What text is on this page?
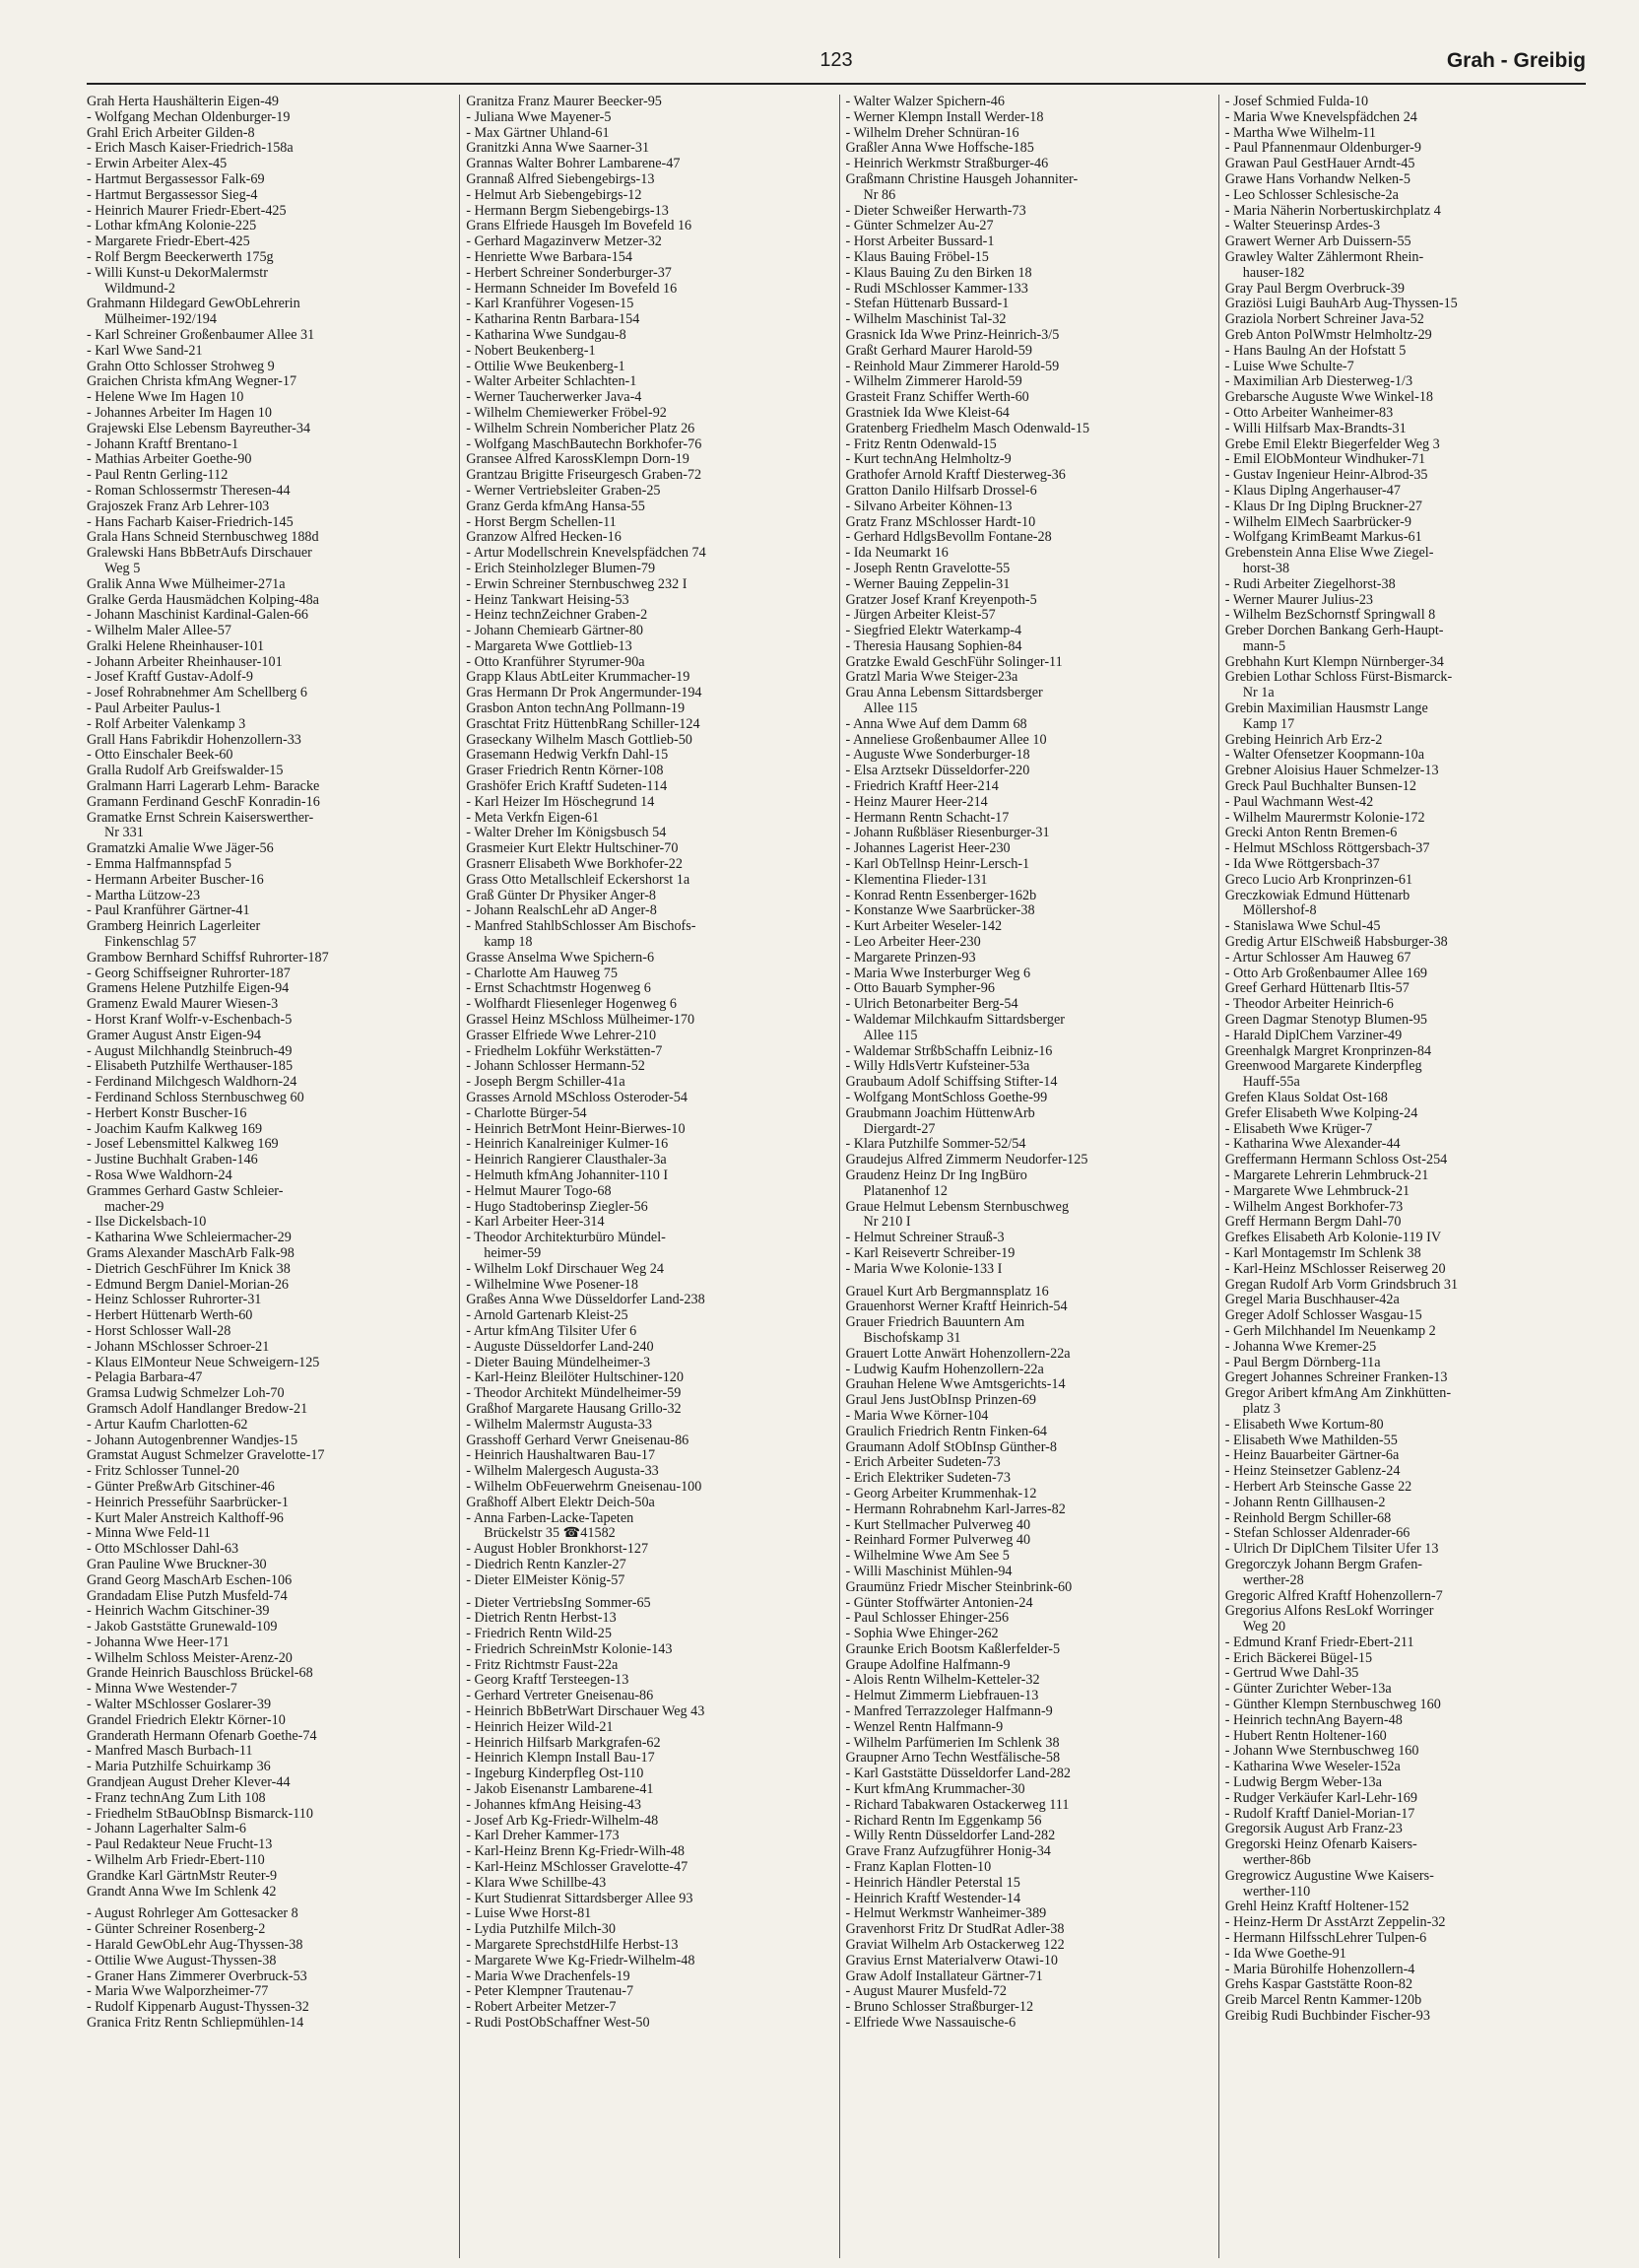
123	Grah - Greibig
Grah Herta Haushälterin Eigen-49
- Wolfgang Mechan Oldenburger-19
Grahl Erich Arbeiter Gilden-8
- Erich Masch Kaiser-Friedrich-158a
- Erwin Arbeiter Alex-45
- Hartmut Bergassessor Falk-69
- Hartmut Bergassessor Sieg-4
- Heinrich Maurer Friedr-Ebert-425
- Lothar kfmAng Kolonie-225
- Margarete Friedr-Ebert-425
- Rolf Bergm Beeckerwerth 175g
- Willi Kunst-u DekorMalermstr
Wildmund-2
Grahmann Hildegard GewObLehrerin
Mülheimer-192/194
- Karl Schreiner Großenbaumer Allee 31
- Karl Wwe Sand-21
Grahn Otto Schlosser Strohweg 9
Graichen Christa kfmAng Wegner-17
- Helene Wwe Im Hagen 10
- Johannes Arbeiter Im Hagen 10
Grajewski Else Lebensm Bayreuther-34
- Johann Kraftf Brentano-1
- Mathias Arbeiter Goethe-90
- Paul Rentn Gerling-112
- Roman Schlossermstr Theresen-44
Grajoszek Franz Arb Lehrer-103
- Hans Facharb Kaiser-Friedrich-145
Grala Hans Schneid Sternbuschweg 188d
Gralewski Hans BbBetrAufs Dirschauer
Weg 5
Gralik Anna Wwe Mülheimer-271a
Gralke Gerda Hausmädchen Kolping-48a
- Johann Maschinist Kardinal-Galen-66
- Wilhelm Maler Allee-57
Gralki Helene Rheinhauser-101
- Johann Arbeiter Rheinhauser-101
- Josef Kraftf Gustav-Adolf-9
- Josef Rohrabnehmer Am Schellberg 6
- Paul Arbeiter Paulus-1
- Rolf Arbeiter Valenkamp 3
Grall Hans Fabrikdir Hohenzollern-33
- Otto Einschaler Beek-60
Gralla Rudolf Arb Greifswalder-15
Gralmann Harri Lagerarb Lehm- Baracke
Gramann Ferdinand GeschF Konradin-16
Gramatke Ernst Schrein Kaiserswerther-
Nr 331
Gramatzki Amalie Wwe Jäger-56
- Emma Halfmannspfad 5
- Hermann Arbeiter Buscher-16
- Martha Lützow-23
- Paul Kranführer Gärtner-41
Gramberg Heinrich Lagerleiter
Finkenschlag 57
Grambow Bernhard Schiffsf Ruhrorter-187
- Georg Schiffseigner Ruhrorter-187
Gramens Helene Putzhilfe Eigen-94
Gramenz Ewald Maurer Wiesen-3
- Horst Kranf Wolfr-v-Eschenbach-5
Gramer August Anstr Eigen-94
- August Milchhandlg Steinbruch-49
- Elisabeth Putzhilfe Werthauser-185
- Ferdinand Milchgesch Waldhorn-24
- Ferdinand Schloss Sternbuschweg 60
- Herbert Konstr Buscher-16
- Joachim Kaufm Kalkweg 169
- Josef Lebensmittel Kalkweg 169
- Justine Buchhalt Graben-146
- Rosa Wwe Waldhorn-24
Grammes Gerhard Gastw Schleier-
macher-29
- Ilse Dickelsbach-10
- Katharina Wwe Schleiermacher-29
Grams Alexander MaschArb Falk-98
- Dietrich GeschFührer Im Knick 38
- Edmund Bergm Daniel-Morian-26
- Heinz Schlosser Ruhrorter-31
- Herbert Hüttenarb Werth-60
- Horst Schlosser Wall-28
- Johann MSchlosser Schroer-21
- Klaus ElMonteur Neue Schweigern-125
- Pelagia Barbara-47
Gramsa Ludwig Schmelzer Loh-70
Gramsch Adolf Handlanger Bredow-21
- Artur Kaufm Charlotten-62
- Johann Autogenbrenner Wandjes-15
Gramstat August Schmelzer Gravelotte-17
- Fritz Schlosser Tunnel-20
- Günter PreßwArb Gitschiner-46
- Heinrich Presseführ Saarbrücker-1
- Kurt Maler Anstreich Kalthoff-96
- Minna Wwe Feld-11
- Otto MSchlosser Dahl-63
Gran Pauline Wwe Bruckner-30
Grand Georg MaschArb Eschen-106
Grandadam Elise Putzh Musfeld-74
- Heinrich Wachm Gitschiner-39
- Jakob Gaststätte Grunewald-109
- Johanna Wwe Heer-171
- Wilhelm Schloss Meister-Arenz-20
Grande Heinrich Bauschloss Brückel-68
- Minna Wwe Westender-7
- Walter MSchlosser Goslarer-39
Grandel Friedrich Elektr Körner-10
Granderath Hermann Ofenarb Goethe-74
- Manfred Masch Burbach-11
- Maria Putzhilfe Schuirkamp 36
Grandjean August Dreher Klever-44
- Franz technAng Zum Lith 108
- Friedhelm StBauObInsp Bismarck-110
- Johann Lagerhalter Salm-6
- Paul Redakteur Neue Frucht-13
- Wilhelm Arb Friedr-Ebert-110
Grandke Karl GärtnMstr Reuter-9
Grandt Anna Wwe Im Schlenk 42
- August Rohrleger Am Gottesacker 8
- Günter Schreiner Rosenberg-2
- Harald GewObLehr Aug-Thyssen-38
- Ottilie Wwe August-Thyssen-38
- Graner Hans Zimmerer Overbruck-53
- Maria Wwe Walporzheimer-77
- Rudolf Kippenarb August-Thyssen-32
Granica Fritz Rentn Schliepmühlen-14
Granitza Franz Maurer Beecker-95
- Juliana Wwe Mayener-5
- Max Gärtner Uhland-61
Granitzki Anna Wwe Saarner-31
Grannas Walter Bohrer Lambarene-47
Grannaß Alfred Siebengebirgs-13
- Helmut Arb Siebengebirgs-12
- Hermann Bergm Siebengebirgs-13
Grans Elfriede Hausgeh Im Bovefeld 16
- Gerhard Magazinverw Metzer-32
- Henriette Wwe Barbara-154
- Herbert Schreiner Sonderburger-37
- Hermann Schneider Im Bovefeld 16
- Karl Kranführer Vogesen-15
- Katharina Rentn Barbara-154
- Katharina Wwe Sundgau-8
- Nobert Beukenberg-1
- Ottilie Wwe Beukenberg-1
- Walter Arbeiter Schlachten-1
- Werner Taucherwerker Java-4
- Wilhelm Chemiewerker Fröbel-92
- Wilhelm Schrein Nombericher Platz 26
- Wolfgang MaschBautechn Borkhofer-76
Gransee Alfred KarossKlempn Dorn-19
Grantzau Brigitte Friseurgesch Graben-72
- Werner Vertriebsleiter Graben-25
Granz Gerda kfmAng Hansa-55
- Horst Bergm Schellen-11
Granzow Alfred Hecken-16
- Artur Modellschrein Knevelspfädchen 74
- Erich Steinholzleger Blumen-79
- Erwin Schreiner Sternbuschweg 232 I
- Heinz Tankwart Heising-53
- Heinz technZeichner Graben-2
- Johann Chemiearb Gärtner-80
- Margareta Wwe Gottlieb-13
- Otto Kranführer Styrumer-90a
Grapp Klaus AbtLeiter Krummacher-19
Gras Hermann Dr Prok Angermunder-194
Grasbon Anton technAng Pollmann-19
Graschtat Fritz HüttenbRang Schiller-124
Graseckany Wilhelm Masch Gottlieb-50
Grasemann Hedwig Verkfn Dahl-15
Graser Friedrich Rentn Körner-108
Grashöfer Erich Kraftf Sudeten-114
- Karl Heizer Im Höschegrund 14
- Meta Verkfn Eigen-61
- Walter Dreher Im Königsbusch 54
Grasmeier Kurt Elektr Hultschiner-70
Grasnerr Elisabeth Wwe Borkhofer-22
Grass Otto Metallschleif Eckershorst 1a
Graß Günter Dr Physiker Anger-8
- Johann RealschLehr aD Anger-8
- Manfred StahlbSchlosser Am Bischofs-
kamp 18
Grasse Anselma Wwe Spichern-6
- Charlotte Am Hauweg 75
- Ernst Schachtmstr Hogenweg 6
- Wolfhardt Fliesenleger Hogenweg 6
Grassel Heinz MSchloss Mülheimer-170
Grasser Elfriede Wwe Lehrer-210
- Friedhelm Lokführ Werkstätten-7
- Johann Schlosser Hermann-52
- Joseph Bergm Schiller-41a
Grasses Arnold MSchloss Osteroder-54
- Charlotte Bürger-54
- Heinrich BetrMont Heinr-Bierwes-10
- Heinrich Kanalreiniger Kulmer-16
- Heinrich Rangierer Clausthaler-3a
- Helmuth kfmAng Johanniter-110 I
- Helmut Maurer Togo-68
- Hugo Stadtoberinsp Ziegler-56
- Karl Arbeiter Heer-314
- Theodor Architekturbüro Mündel-
heimer-59
- Wilhelm Lokf Dirschauer Weg 24
- Wilhelmine Wwe Posener-18
Graßes Anna Wwe Düsseldorfer Land-238
- Arnold Gartenarb Kleist-25
- Artur kfmAng Tilsiter Ufer 6
- Auguste Düsseldorfer Land-240
- Dieter Bauing Mündelheimer-3
- Karl-Heinz Bleilöter Hultschiner-120
- Theodor Architekt Mündelheimer-59
Graßhof Margarete Hausang Grillo-32
- Wilhelm Malermstr Augusta-33
Grasshoff Gerhard Verwr Gneisenau-86
- Heinrich Haushaltwaren Bau-17
- Wilhelm Malergesch Augusta-33
- Wilhelm ObFeuerwehrm Gneisenau-100
Graßhoff Albert Elektr Deich-50a
- Anna Farben-Lacke-Tapeten
Brückelstr 35 ☎41582
- August Hobler Bronkhorst-127
- Diedrich Rentn Kanzler-27
- Dieter ElMeister König-57
- Dieter VertriebsIng Sommer-65
- Dietrich Rentn Herbst-13
- Friedrich Rentn Wild-25
- Friedrich SchreinMstr Kolonie-143
- Fritz Richtmstr Faust-22a
- Georg Kraftf Tersteegen-13
- Gerhard Vertreter Gneisenau-86
- Heinrich BbBetrWart Dirschauer Weg 43
- Heinrich Heizer Wild-21
- Heinrich Hilfsarb Markgrafen-62
- Heinrich Klempn Install Bau-17
- Ingeburg Kinderpfleg Ost-110
- Jakob Eisenanstr Lambarene-41
- Johannes kfmAng Heising-43
- Josef Arb Kg-Friedr-Wilhelm-48
- Karl Dreher Kammer-173
- Karl-Heinz Brenn Kg-Friedr-Wilh-48
- Karl-Heinz MSchlosser Gravelotte-47
- Klara Wwe Schillbe-43
- Kurt Studienrat Sittardsberger Allee 93
- Luise Wwe Horst-81
- Lydia Putzhilfe Milch-30
- Margarete SprechstdHilfe Herbst-13
- Margarete Wwe Kg-Friedr-Wilhelm-48
- Maria Wwe Drachenfels-19
- Peter Klempner Trautenau-7
- Robert Arbeiter Metzer-7
- Rudi PostObSchaffner West-50
- Walter Walzer Spichern-46
- Werner Klempn Install Werder-18
- Wilhelm Dreher Schnüran-16
Graßler Anna Wwe Hoffsche-185
- Heinrich Werkmstr Straßburger-46
Graßmann Christine Hausgeh Johanniter-
Nr 86
- Dieter Schweißer Herwarth-73
- Günter Schmelzer Au-27
- Horst Arbeiter Bussard-1
- Klaus Bauing Fröbel-15
- Klaus Bauing Zu den Birken 18
- Rudi MSchlosser Kammer-133
- Stefan Hüttenarb Bussard-1
- Wilhelm Maschinist Tal-32
Grasnick Ida Wwe Prinz-Heinrich-3/5
Graßt Gerhard Maurer Harold-59
- Reinhold Maur Zimmerer Harold-59
- Wilhelm Zimmerer Harold-59
Grasteit Franz Schiffer Werth-60
Grastniek Ida Wwe Kleist-64
Gratenberg Friedhelm Masch Odenwald-15
- Fritz Rentn Odenwald-15
- Kurt technAng Helmholtz-9
Grathofer Arnold Kraftf Diesterweg-36
Gratton Danilo Hilfsarb Drossel-6
- Silvano Arbeiter Köhnen-13
Gratz Franz MSchlosser Hardt-10
- Gerhard HdlgsBevollm Fontane-28
- Ida Neumarkt 16
- Joseph Rentn Gravelotte-55
- Werner Bauing Zeppelin-31
Gratzer Josef Kranf Kreyenpoth-5
- Jürgen Arbeiter Kleist-57
- Siegfried Elektr Waterkamp-4
- Theresia Hausang Sophien-84
Gratzke Ewald GeschFühr Solinger-11
Gratzl Maria Wwe Steiger-23a
Grau Anna Lebensm Sittardsberger
Allee 115
- Anna Wwe Auf dem Damm 68
- Anneliese Großenbaumer Allee 10
- Auguste Wwe Sonderburger-18
- Elsa Arztsekr Düsseldorfer-220
- Friedrich Kraftf Heer-214
- Heinz Maurer Heer-214
- Hermann Rentn Schacht-17
- Johann Rußbläser Riesenburger-31
- Johannes Lagerist Heer-230
- Karl ObTellnsp Heinr-Lersch-1
- Klementina Flieder-131
- Konrad Rentn Essenberger-162b
- Konstanze Wwe Saarbrücker-38
- Kurt Arbeiter Weseler-142
- Leo Arbeiter Heer-230
- Margarete Prinzen-93
- Maria Wwe Insterburger Weg 6
- Otto Bauarb Sympher-96
- Ulrich Betonarbeiter Berg-54
- Waldemar Milchkaufm Sittardsberger
Allee 115
- Waldemar StrßbSchaffn Leibniz-16
- Willy HdlsVertr Kufsteiner-53a
Graubaum Adolf Schiffsing Stifter-14
- Wolfgang MontSchloss Goethe-99
Graubmann Joachim HüttenwArb
Diergardt-27
- Klara Putzhilfe Sommer-52/54
Graudejus Alfred Zimmerm Neudorfer-125
Graudenz Heinz Dr Ing IngBüro
Platanenhof 12
Graue Helmut Lebensm Sternbuschweg
Nr 210 I
- Helmut Schreiner Strauß-3
- Karl Reisevertr Schreiber-19
- Maria Wwe Kolonie-133 I
Grauel Kurt Arb Bergmannsplatz 16
Grauenhorst Werner Kraftf Heinrich-54
Grauer Friedrich Bauuntern Am
Bischofskamp 31
Grauert Lotte Anwärt Hohenzollern-22a
- Ludwig Kaufm Hohenzollern-22a
Grauhan Helene Wwe Amtsgerichts-14
Graul Jens JustObInsp Prinzen-69
- Maria Wwe Körner-104
Graulich Friedrich Rentn Finken-64
Graumann Adolf StObInsp Günther-8
- Erich Arbeiter Sudeten-73
- Erich Elektriker Sudeten-73
- Georg Arbeiter Krummenhak-12
- Hermann Rohrabnehm Karl-Jarres-82
- Kurt Stellmacher Pulverweg 40
- Reinhard Former Pulverweg 40
- Wilhelmine Wwe Am See 5
- Willi Maschinist Mühlen-94
Graumünz Friedr Mischer Steinbrink-60
- Günter Stoffwärter Antonien-24
- Paul Schlosser Ehinger-256
- Sophia Wwe Ehinger-262
Graunke Erich Bootsm Kaßlerfelder-5
Graupe Adolfine Halfmann-9
- Alois Rentn Wilhelm-Ketteler-32
- Helmut Zimmerm Liebfrauen-13
- Manfred Terrazzoleger Halfmann-9
- Wenzel Rentn Halfmann-9
- Wilhelm Parfümerien Im Schlenk 38
Graupner Arno Techn Westfälische-58
- Karl Gaststätte Düsseldorfer Land-282
- Kurt kfmAng Krummacher-30
- Richard Tabakwaren Ostackerweg 111
- Richard Rentn Im Eggenkamp 56
- Willy Rentn Düsseldorfer Land-282
Grave Franz Aufzugführer Honig-34
- Franz Kaplan Flotten-10
- Heinrich Händler Peterstal 15
- Heinrich Kraftf Westender-14
- Helmut Werkmstr Wanheimer-389
Gravenhorst Fritz Dr StudRat Adler-38
Graviat Wilhelm Arb Ostackerweg 122
Gravius Ernst Materialverw Otawi-10
Graw Adolf Installateur Gärtner-71
- August Maurer Musfeld-72
- Bruno Schlosser Straßburger-12
- Elfriede Wwe Nassauische-6
- Josef Schmied Fulda-10
- Maria Wwe Knevelspfädchen 24
- Martha Wwe Wilhelm-11
- Paul Pfannenmaur Oldenburger-9
Grawan Paul GestHauer Arndt-45
Grawe Hans Vorhandw Nelken-5
- Leo Schlosser Schlesische-2a
- Maria Näherin Norbertuskirchplatz 4
- Walter Steuerinsp Ardes-3
Grawert Werner Arb Duissern-55
Grawley Walter Zählermont Rhein-
hauser-182
Gray Paul Bergm Overbruck-39
Graziösi Luigi BauhArb Aug-Thyssen-15
Graziola Norbert Schreiner Java-52
Greb Anton PolWmstr Helmholtz-29
- Hans Baulng An der Hofstatt 5
- Luise Wwe Schulte-7
- Maximilian Arb Diesterweg-1/3
Grebarsche Auguste Wwe Winkel-18
- Otto Arbeiter Wanheimer-83
- Willi Hilfsarb Max-Brandts-31
Grebe Emil Elektr Biegerfelder Weg 3
- Emil ElObMonteur Windhuker-71
- Gustav Ingenieur Heinr-Albrod-35
- Klaus Diplng Angerhauser-47
- Klaus Dr Ing Diplng Bruckner-27
- Wilhelm ElMech Saarbrücker-9
- Wolfgang KrimBeamt Markus-61
Grebenstein Anna Elise Wwe Ziegel-
horst-38
- Rudi Arbeiter Ziegelhorst-38
- Werner Maurer Julius-23
- Wilhelm BezSchornstf Springwall 8
Greber Dorchen Bankang Gerh-Haupt-
mann-5
Grebhahn Kurt Klempn Nürnberger-34
Grebien Lothar Schloss Fürst-Bismarck-
Nr 1a
Grebin Maximilian Hausmstr Lange
Kamp 17
Grebing Heinrich Arb Erz-2
- Walter Ofensetzer Koopmann-10a
Grebner Aloisius Hauer Schmelzer-13
Greck Paul Buchhalter Bunsen-12
- Paul Wachmann West-42
- Wilhelm Maurermstr Kolonie-172
Grecki Anton Rentn Bremen-6
- Helmut MSchloss Röttgersbach-37
- Ida Wwe Röttgersbach-37
Greco Lucio Arb Kronprinzen-61
Greczkowiak Edmund Hüttenarb
Möllershof-8
- Stanislawa Wwe Schul-45
Gredig Artur ElSchweiß Habsburger-38
- Artur Schlosser Am Hauweg 67
- Otto Arb Großenbaumer Allee 169
Greef Gerhard Hüttenarb Iltis-57
- Theodor Arbeiter Heinrich-6
Green Dagmar Stenotyp Blumen-95
- Harald DiplChem Varziner-49
Greenhalgk Margret Kronprinzen-84
Greenwood Margarete Kinderpfleg
Hauff-55a
Grefen Klaus Soldat Ost-168
Grefer Elisabeth Wwe Kolping-24
- Elisabeth Wwe Krüger-7
- Katharina Wwe Alexander-44
Greffermann Hermann Schloss Ost-254
- Margarete Lehrerin Lehmbruck-21
- Margarete Wwe Lehmbruck-21
- Wilhelm Angest Borkhofer-73
Greff Hermann Bergm Dahl-70
Grefkes Elisabeth Arb Kolonie-119 IV
- Karl Montagemstr Im Schlenk 38
- Karl-Heinz MSchlosser Reiserweg 20
Gregan Rudolf Arb Vorm Grindsbruch 31
Gregel Maria Buschhauser-42a
Greger Adolf Schlosser Wasgau-15
- Gerh Milchhandel Im Neuenkamp 2
- Johanna Wwe Kremer-25
- Paul Bergm Dörnberg-11a
Gregert Johannes Schreiner Franken-13
Gregor Aribert kfmAng Am Zinkhütten-
platz 3
- Elisabeth Wwe Kortum-80
- Elisabeth Wwe Mathilden-55
- Heinz Bauarbeiter Gärtner-6a
- Heinz Steinsetzer Gablenz-24
- Herbert Arb Steinsche Gasse 22
- Johann Rentn Gillhausen-2
- Reinhold Bergm Schiller-68
- Stefan Schlosser Aldenrader-66
- Ulrich Dr DiplChem Tilsiter Ufer 13
Gregorczyk Johann Bergm Grafen-
werther-28
Gregoric Alfred Kraftf Hohenzollern-7
Gregorius Alfons ResLokf Worringer
Weg 20
- Edmund Kranf Friedr-Ebert-211
- Erich Bäckerei Bügel-15
- Gertrud Wwe Dahl-35
- Günter Zurichter Weber-13a
- Günther Klempn Sternbuschweg 160
- Heinrich technAng Bayern-48
- Hubert Rentn Holtener-160
- Johann Wwe Sternbuschweg 160
- Katharina Wwe Weseler-152a
- Ludwig Bergm Weber-13a
- Rudger Verkäufer Karl-Lehr-169
- Rudolf Kraftf Daniel-Morian-17
Gregorsik August Arb Franz-23
Gregorski Heinz Ofenarb Kaisers-
werther-86b
Gregrowicz Augustine Wwe Kaisers-
werther-110
Grehl Heinz Kraftf Holtener-152
- Heinz-Herm Dr AsstArzt Zeppelin-32
- Hermann HilfsschLehrer Tulpen-6
- Ida Wwe Goethe-91
- Maria Bürohilfe Hohenzollern-4
Grehs Kaspar Gaststätte Roon-82
Greib Marcel Rentn Kammer-120b
Greibig Rudi Buchbinder Fischer-93
